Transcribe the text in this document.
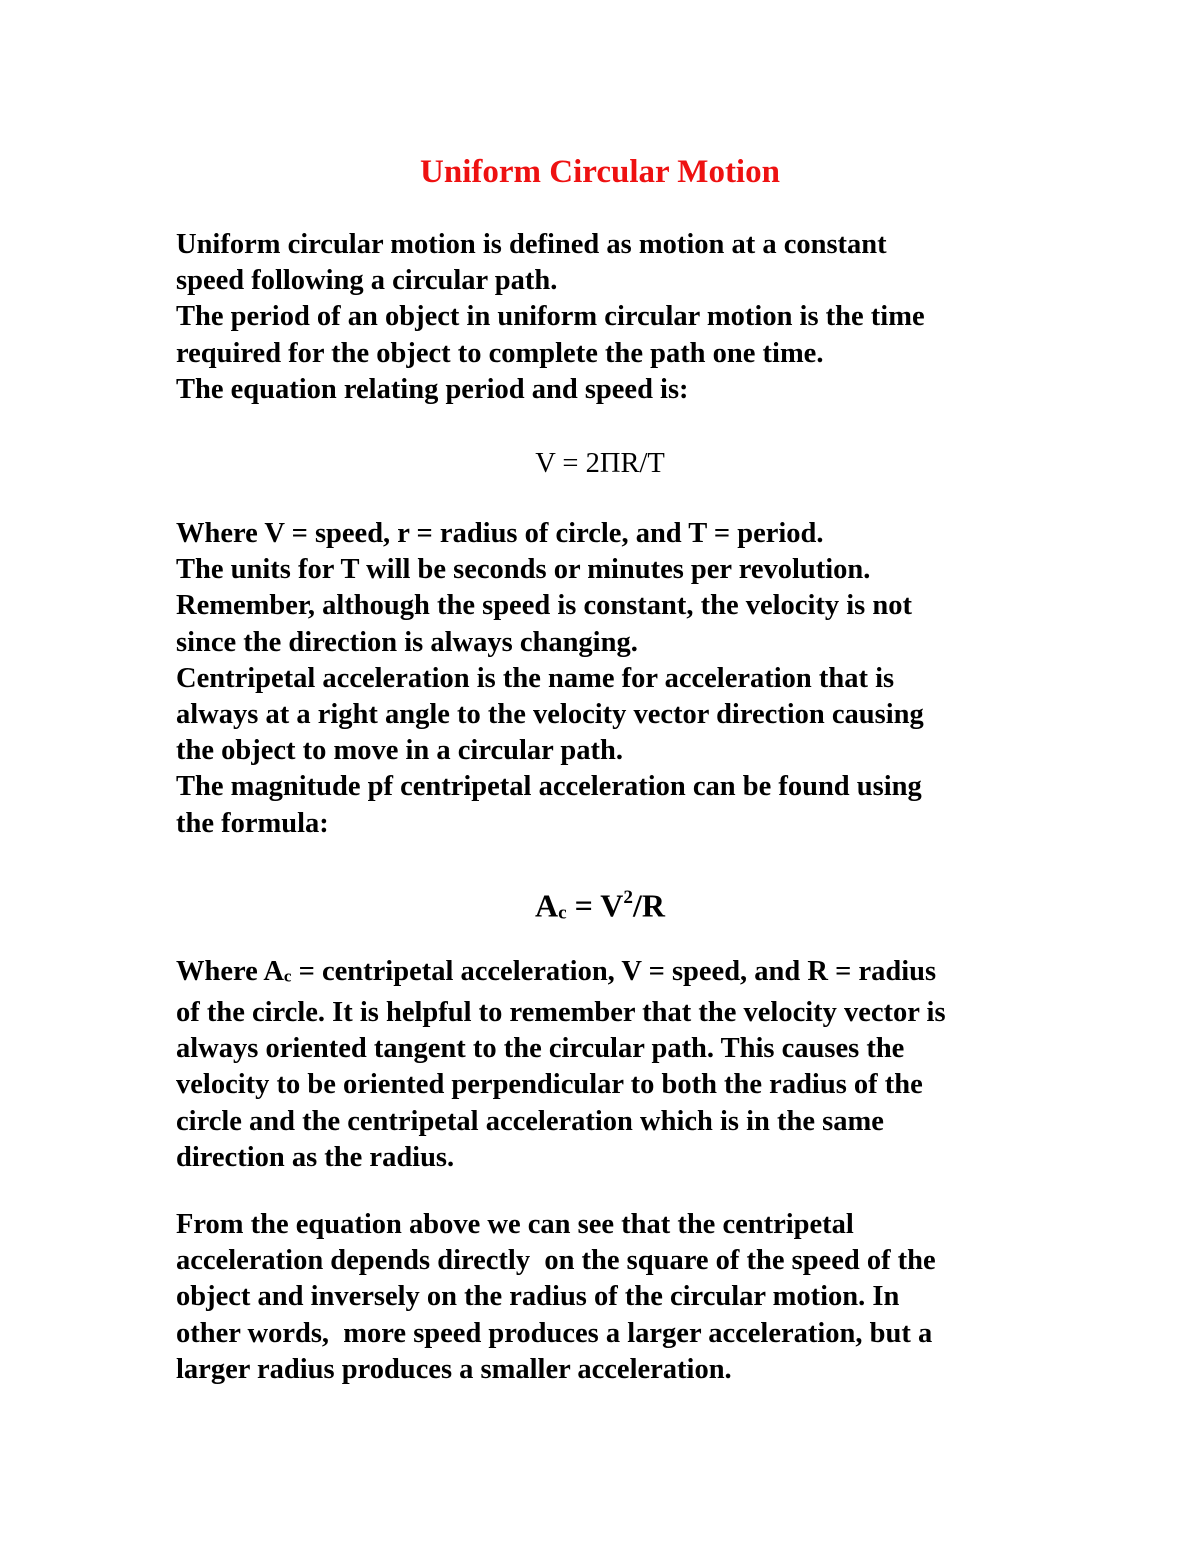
Uniform Circular Motion

Uniform circular motion is defined as motion at a constant
speed following a circular path.
The period of an object in uniform circular motion is the time
required for the object to complete the path one time.
The equation relating period and speed is:

V = 2ΠR/T

Where V = speed, r = radius of circle, and T = period.
The units for T will be seconds or minutes per revolution.
Remember, although the speed is constant, the velocity is not
since the direction is always changing.
Centripetal acceleration is the name for acceleration that is
always at a right angle to the velocity vector direction causing
the object to move in a circular path.
The magnitude pf centripetal acceleration can be found using
the formula:

$Ac = V^2/R$

Where Ac = centripetal acceleration, V = speed, and R = radius
of the circle. It is helpful to remember that the velocity vector is
always oriented tangent to the circular path. This causes the
velocity to be oriented perpendicular to both the radius of the
circle and the centripetal acceleration which is in the same
direction as the radius.

From the equation above we can see that the centripetal
acceleration depends directly  on the square of the speed of the
object and inversely on the radius of the circular motion. In
other words,  more speed produces a larger acceleration, but a
larger radius produces a smaller acceleration.
